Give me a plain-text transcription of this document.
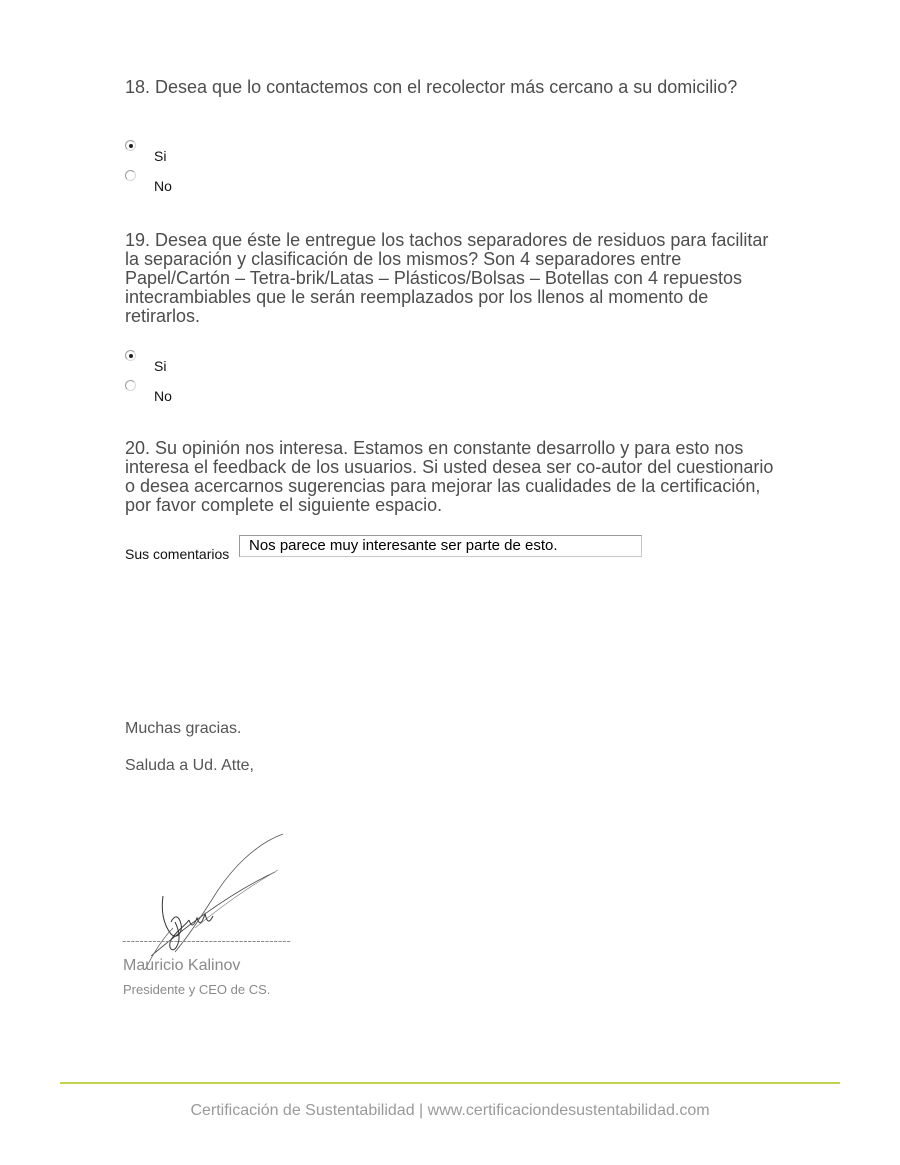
18. Desea que lo contactemos con el recolector más cercano a su domicilio?

Si
No

19. Desea que éste le entregue los tachos separadores de residuos para facilitar la separación y clasificación de los mismos? Son 4 separadores entre Papel/Cartón – Tetra-brik/Latas – Plásticos/Bolsas – Botellas con 4 repuestos intecrambiables que le serán reemplazados por los llenos al momento de retirarlos.

Si
No

20. Su opinión nos interesa. Estamos en constante desarrollo y para esto nos interesa el feedback de los usuarios. Si usted desea ser co-autor del cuestionario o desea acercarnos sugerencias para mejorar las cualidades de la certificación, por favor complete el siguiente espacio.

Sus comentarios	Nos parece muy interesante ser parte de esto.
Muchas gracias.
Saluda a Ud. Atte,
---------------------------------------
Mauricio Kalinov
Presidente y CEO de CS.
Certificación de Sustentabilidad | www.certificaciondesustentabilidad.com
